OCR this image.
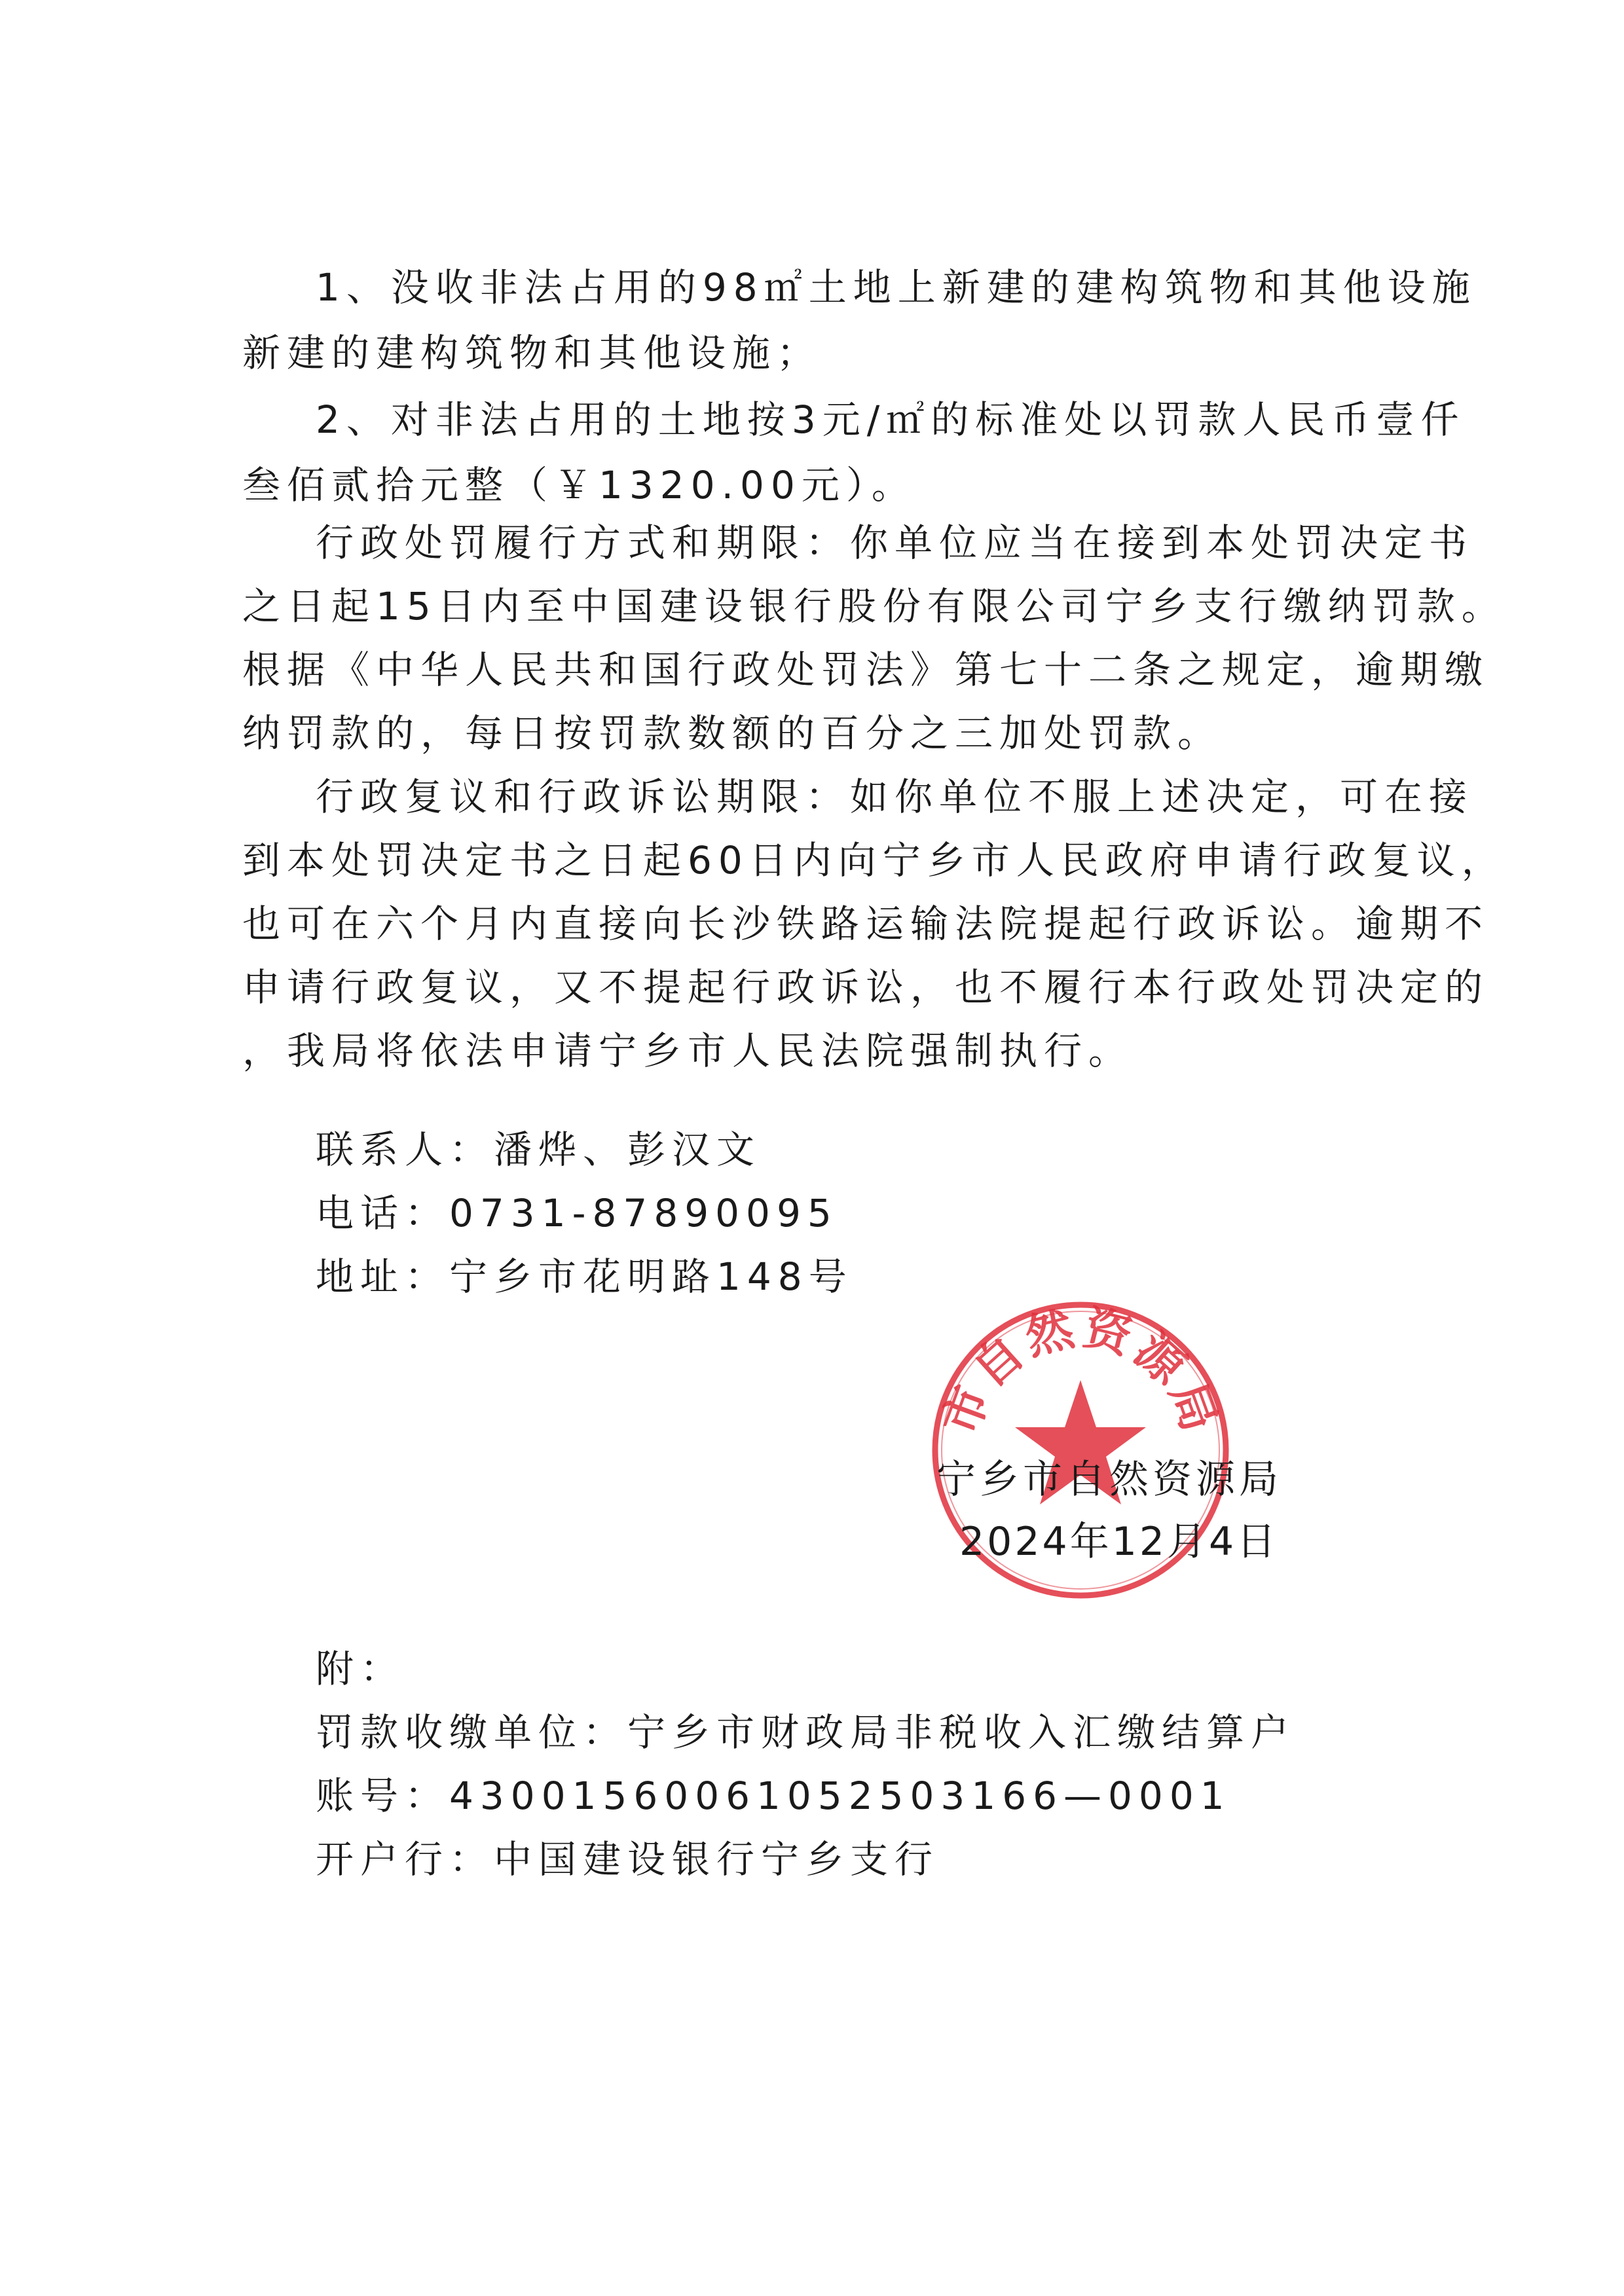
1、没收非法占用的98㎡土地上新建的建构筑物和其他设施
新建的建构筑物和其他设施；
2、对非法占用的土地按3元/㎡的标准处以罚款人民币壹仟
叁佰贰拾元整（￥1320.00元）。
行政处罚履行方式和期限：你单位应当在接到本处罚决定书
之日起15日内至中国建设银行股份有限公司宁乡支行缴纳罚款。
根据《中华人民共和国行政处罚法》第七十二条之规定，逾期缴
纳罚款的，每日按罚款数额的百分之三加处罚款。
行政复议和行政诉讼期限：如你单位不服上述决定，可在接
到本处罚决定书之日起60日内向宁乡市人民政府申请行政复议，
也可在六个月内直接向长沙铁路运输法院提起行政诉讼。逾期不
申请行政复议，又不提起行政诉讼，也不履行本行政处罚决定的
，我局将依法申请宁乡市人民法院强制执行。
联系人：潘烨、彭汉文
电话：0731-87890095
地址：宁乡市花明路148号
市自然资源局
宁乡市自然资源局
2024年12月4日
附：
罚款收缴单位：宁乡市财政局非税收入汇缴结算户
账号：43001560061052503166—0001
开户行：中国建设银行宁乡支行
